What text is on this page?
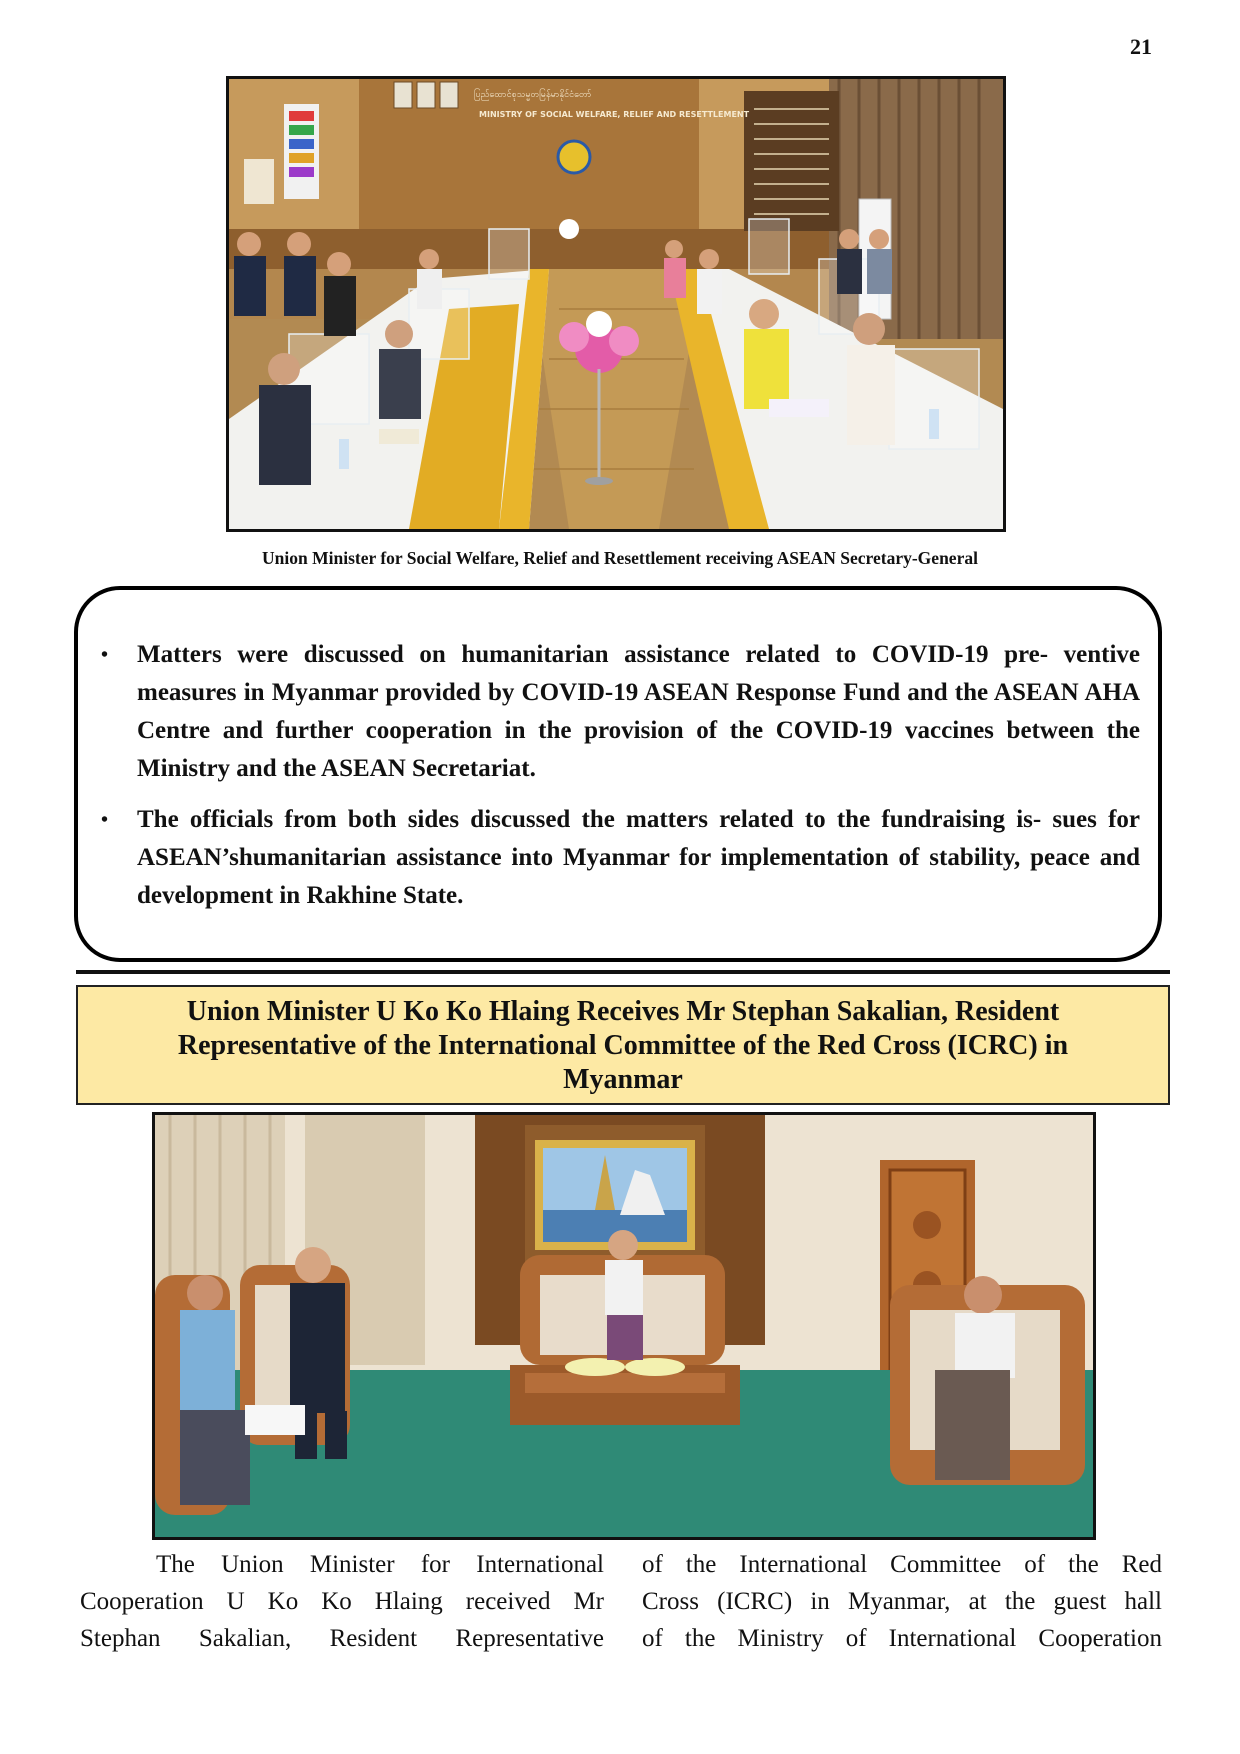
21
ပြည်ထောင်စုသမ္မတမြန်မာနိုင်ငံတော်
MINISTRY OF SOCIAL WELFARE, RELIEF AND RESETTLEMENT
Union Minister for Social Welfare, Relief and Resettlement receiving ASEAN Secretary-General
• Matters were discussed on humanitarian assistance related to COVID-19 pre- ventive measures in Myanmar provided by COVID-19 ASEAN Response Fund and the ASEAN AHA Centre and further cooperation in the provision of the COVID-19 vaccines between the Ministry and the ASEAN Secretariat.
• The officials from both sides discussed the matters related to the fundraising is- sues for ASEAN’shumanitarian assistance into Myanmar for implementation of stability, peace and development in Rakhine State.
Union Minister U Ko Ko Hlaing Receives Mr Stephan Sakalian, Resident
Representative of the International Committee of the Red Cross (ICRC) in
Myanmar
The Union Minister for International
Cooperation U Ko Ko Hlaing received Mr
Stephan Sakalian, Resident Representative
of the International Committee of the Red
Cross (ICRC) in Myanmar, at the guest hall
of the Ministry of International Cooperation
